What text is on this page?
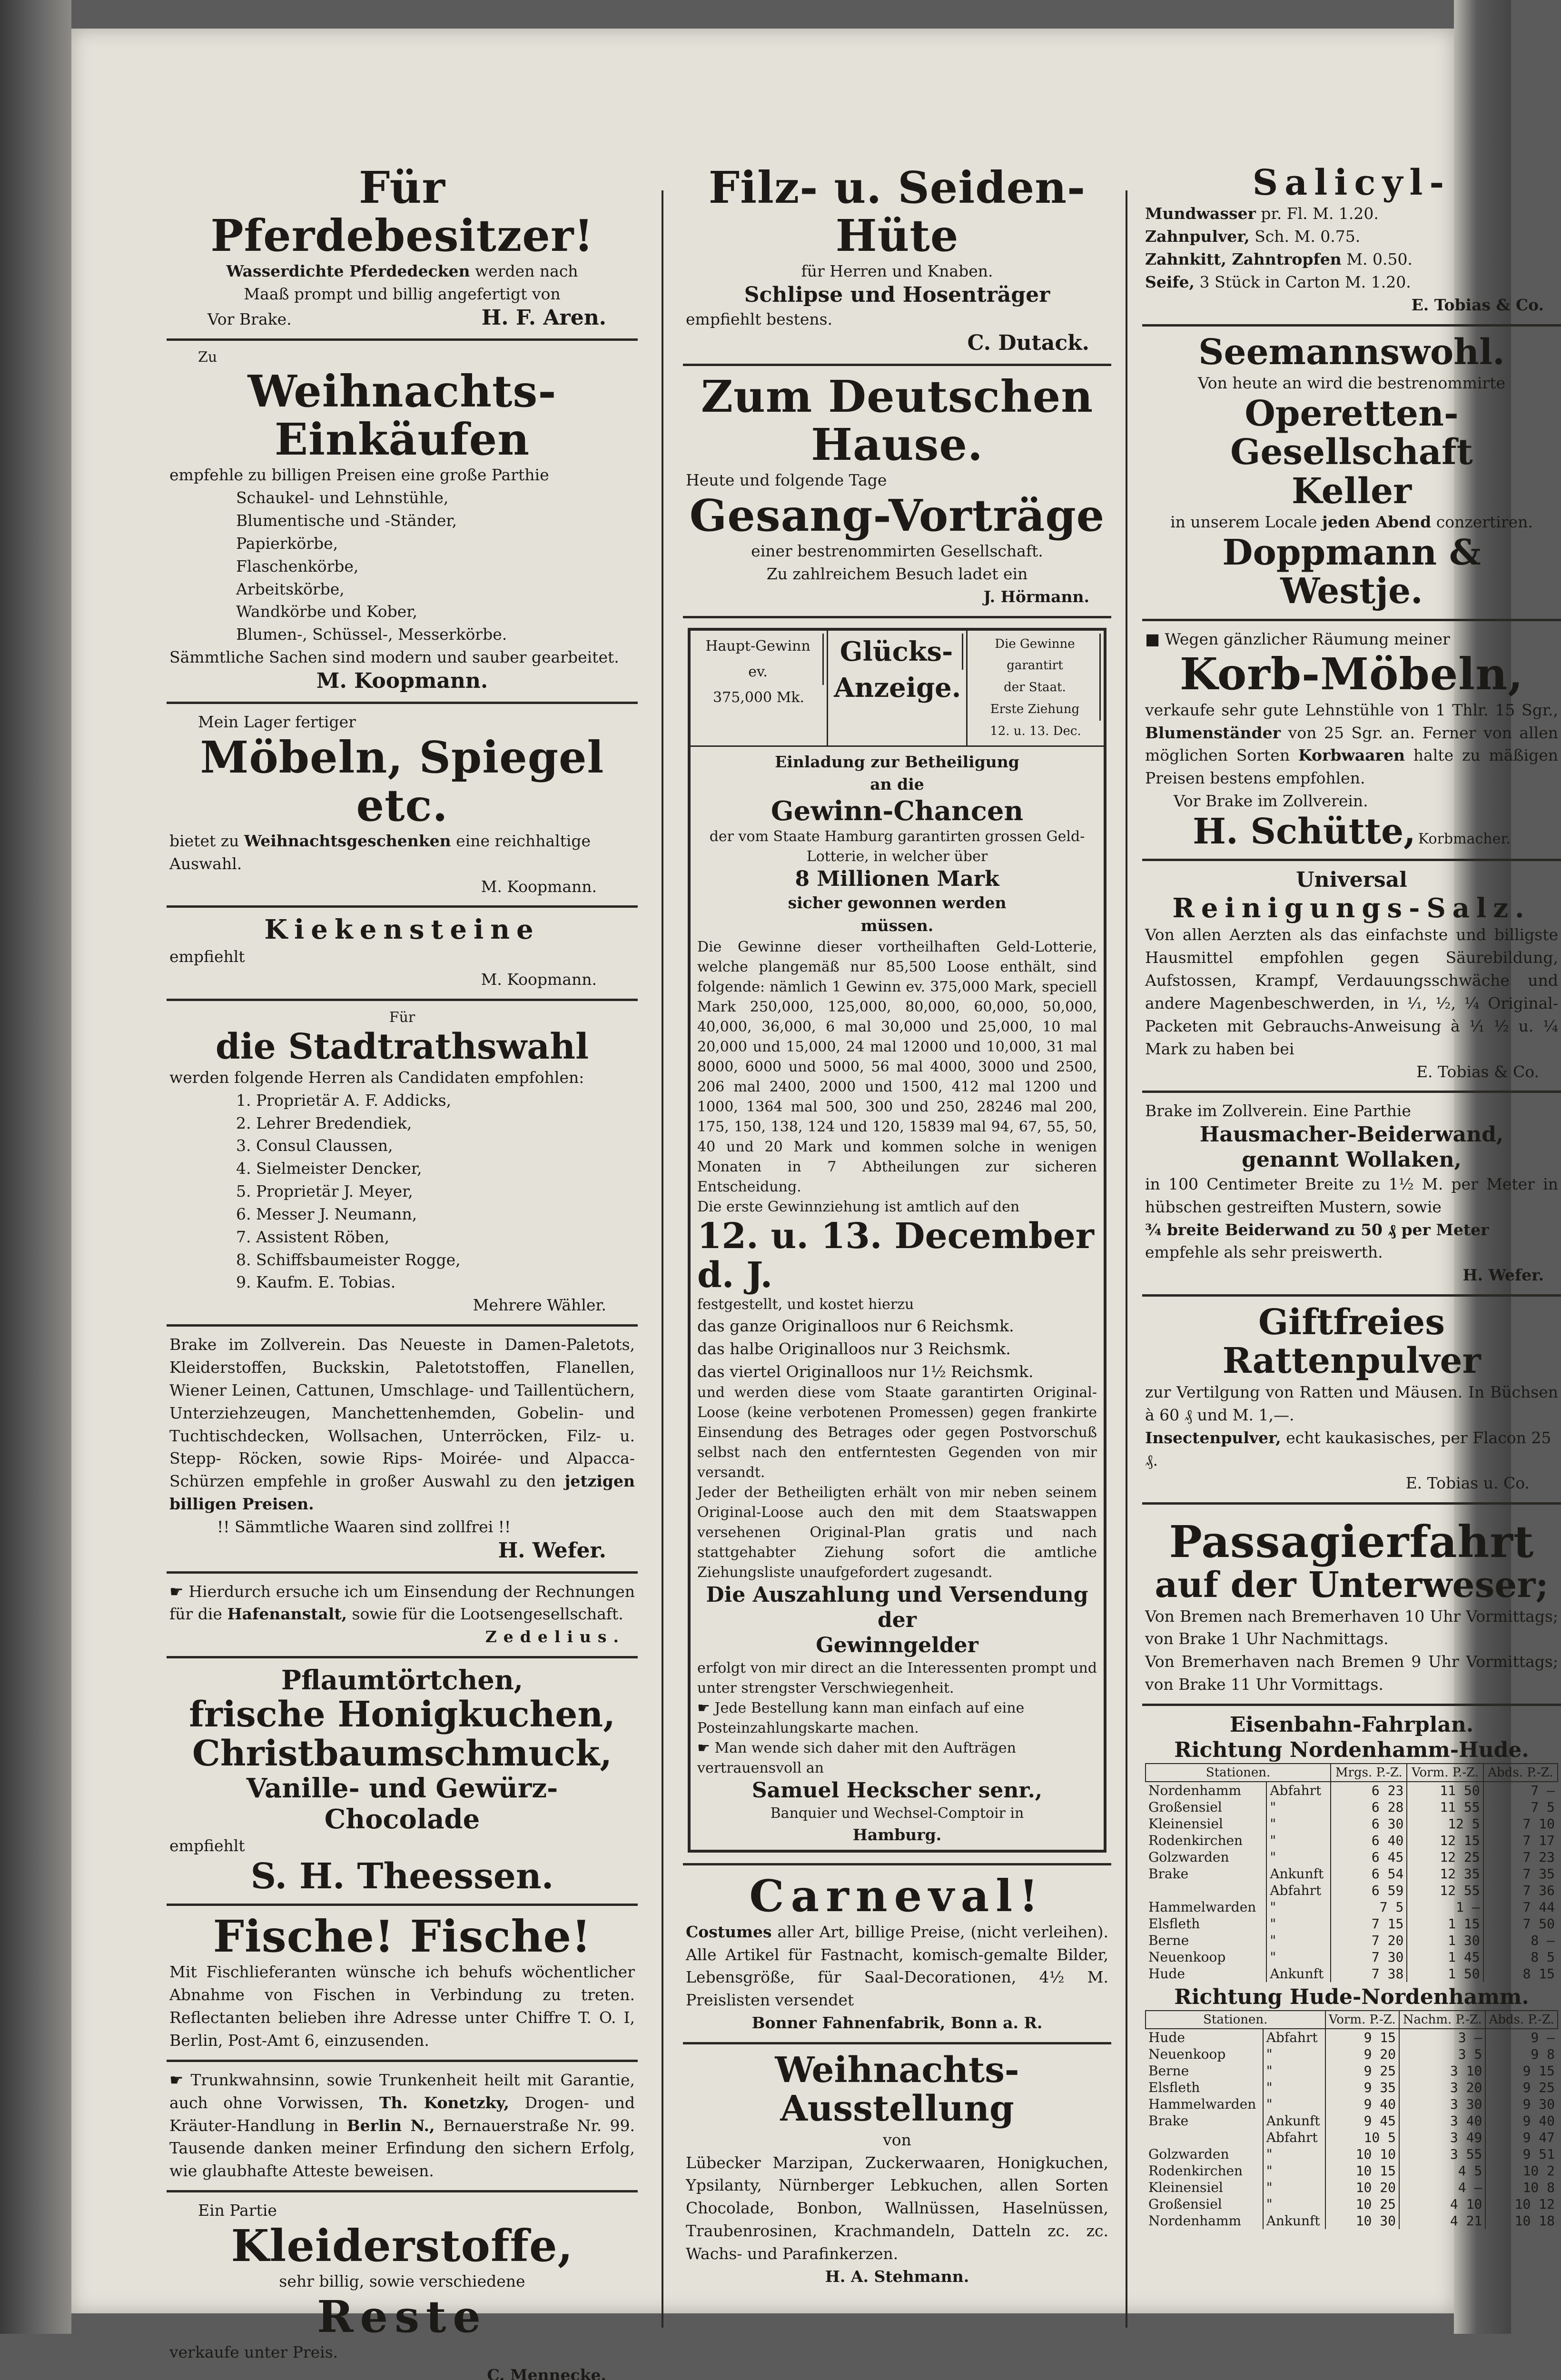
Für Pferdebesitzer!
Wasserdichte Pferdedecken werden nach
Maaß prompt und billig angefertigt von
Vor Brake.	H. F. Aren.
Zu
Weihnachts-Einkäufen
empfehle zu billigen Preisen eine große Parthie
Schaukel- und Lehnstühle,
Blumentische und -Ständer,
Papierkörbe,
Flaschenkörbe,
Arbeitskörbe,
Wandkörbe und Kober,
Blumen-, Schüssel-, Messerkörbe.
Sämmtliche Sachen sind modern und sauber gearbeitet.
M. Koopmann.
Mein Lager fertiger
Möbeln, Spiegel etc.
bietet zu Weihnachtsgeschenken eine reichhaltige Auswahl.
M. Koopmann.
Kiekensteine
empfiehlt
M. Koopmann.
Für
die Stadtrathswahl
werden folgende Herren als Candidaten empfohlen:
1. Proprietär A. F. Addicks,
2. Lehrer Bredendiek,
3. Consul Claussen,
4. Sielmeister Dencker,
5. Proprietär J. Meyer,
6. Messer J. Neumann,
7. Assistent Röben,
8. Schiffsbaumeister Rogge,
9. Kaufm. E. Tobias.
Mehrere Wähler.
Brake im Zollverein. Das Neueste in Damen-Paletots, Kleiderstoffen, Buckskin, Paletotstoffen, Flanellen, Wiener Leinen, Cattunen, Umschlage- und Taillentüchern, Unterziehzeugen, Manchettenhemden, Gobelin- und Tuchtischdecken, Wollsachen, Unterröcken, Filz- u. Stepp- Röcken, sowie Rips- Moirée- und Alpacca-Schürzen empfehle in großer Auswahl zu den jetzigen billigen Preisen.
!! Sämmtliche Waaren sind zollfrei !!
H. Wefer.
☛ Hierdurch ersuche ich um Einsendung der Rechnungen für die Hafenanstalt, sowie für die Lootsengesellschaft.
Zedelius.
Pflaumtörtchen,
frische Honigkuchen,
Christbaumschmuck,
Vanille- und Gewürz-Chocolade
empfiehlt
S. H. Theessen.
Fische! Fische!
Mit Fischlieferanten wünsche ich behufs wöchentlicher Abnahme von Fischen in Verbindung zu treten. Reflectanten belieben ihre Adresse unter Chiffre T. O. I, Berlin, Post-Amt 6, einzusenden.
☛ Trunkwahnsinn, sowie Trunkenheit heilt mit Garantie, auch ohne Vorwissen, Th. Konetzky, Drogen- und Kräuter-Handlung in Berlin N., Bernauerstraße Nr. 99. Tausende danken meiner Erfindung den sichern Erfolg, wie glaubhafte Atteste beweisen.
Ein Partie
Kleiderstoffe,
sehr billig, sowie verschiedene
Reste
verkaufe unter Preis.
C. Mennecke.
Filz- u. Seiden-Hüte
für Herren und Knaben.
Schlipse und Hosenträger
empfiehlt bestens.
C. Dutack.
Zum Deutschen Hause.
Heute und folgende Tage
Gesang-Vorträge
einer bestrenommirten Gesellschaft.
Zu zahlreichem Besuch ladet ein
J. Hörmann.
Haupt-Gewinn
ev.
375,000 Mk.
Glücks-
Anzeige.
Die Gewinne
garantirt
der Staat.
Erste Ziehung
12. u. 13. Dec.
Einladung zur Betheiligung
an die
Gewinn-Chancen
der vom Staate Hamburg garantirten grossen Geld-Lotterie, in welcher über
8 Millionen Mark
sicher gewonnen werden
müssen.
Die Gewinne dieser vortheilhaften Geld-Lotterie, welche plangemäß nur 85,500 Loose enthält, sind folgende: nämlich 1 Gewinn ev. 375,000 Mark, speciell Mark 250,000, 125,000, 80,000, 60,000, 50,000, 40,000, 36,000, 6 mal 30,000 und 25,000, 10 mal 20,000 und 15,000, 24 mal 12000 und 10,000, 31 mal 8000, 6000 und 5000, 56 mal 4000, 3000 und 2500, 206 mal 2400, 2000 und 1500, 412 mal 1200 und 1000, 1364 mal 500, 300 und 250, 28246 mal 200, 175, 150, 138, 124 und 120, 15839 mal 94, 67, 55, 50, 40 und 20 Mark und kommen solche in wenigen Monaten in 7 Abtheilungen zur sicheren Entscheidung.
Die erste Gewinnziehung ist amtlich auf den
12. u. 13. December d. J.
festgestellt, und kostet hierzu
das ganze Originalloos nur 6 Reichsmk.
das halbe Originalloos nur 3 Reichsmk.
das viertel Originalloos nur 1½ Reichsmk.
und werden diese vom Staate garantirten Original-Loose (keine verbotenen Promessen) gegen frankirte Einsendung des Betrages oder gegen Postvorschuß selbst nach den entferntesten Gegenden von mir versandt.
Jeder der Betheiligten erhält von mir neben seinem Original-Loose auch den mit dem Staatswappen versehenen Original-Plan gratis und nach stattgehabter Ziehung sofort die amtliche Ziehungsliste unaufgefordert zugesandt.
Die Auszahlung und Versendung der
Gewinngelder
erfolgt von mir direct an die Interessenten prompt und unter strengster Verschwiegenheit.
☛ Jede Bestellung kann man einfach auf eine Posteinzahlungskarte machen.
☛ Man wende sich daher mit den Aufträgen vertrauensvoll an
Samuel Heckscher senr.,
Banquier und Wechsel-Comptoir in
Hamburg.
Carneval!
Costumes aller Art, billige Preise, (nicht verleihen). Alle Artikel für Fastnacht, komisch-gemalte Bilder, Lebensgröße, für Saal-Decorationen, 4½ M. Preislisten versendet
Bonner Fahnenfabrik, Bonn a. R.
Weihnachts-Ausstellung
von
Lübecker Marzipan, Zuckerwaaren, Honigkuchen, Ypsilanty, Nürnberger Lebkuchen, allen Sorten Chocolade, Bonbon, Wallnüssen, Haselnüssen, Traubenrosinen, Krachmandeln, Datteln zc. zc. Wachs- und Parafinkerzen.
H. A. Stehmann.
Salicyl-
Mundwasser pr. Fl. M. 1.20.
Zahnpulver, Sch. M. 0.75.
Zahnkitt, Zahntropfen M. 0.50.
Seife, 3 Stück in Carton M. 1.20.
E. Tobias & Co.
Seemannswohl.
Von heute an wird die bestrenommirte
Operetten-Gesellschaft
Keller
in unserem Locale jeden Abend conzertiren.
Doppmann & Westje.
■ Wegen gänzlicher Räumung meiner
Korb-Möbeln,
verkaufe sehr gute Lehnstühle von 1 Thlr. 15 Sgr., Blumenständer von 25 Sgr. an. Ferner von allen möglichen Sorten Korbwaaren halte zu mäßigen Preisen bestens empfohlen.
Vor Brake im Zollverein.
H. Schütte, Korbmacher.
Universal
Reinigungs-Salz.
Von allen Aerzten als das einfachste und billigste Hausmittel empfohlen gegen Säurebildung, Aufstossen, Krampf, Verdauungsschwäche und andere Magenbeschwerden, in ¹⁄₁, ¹⁄₂, ¹⁄₄ Original-Packeten mit Gebrauchs-Anweisung à ¹⁄₁ ¹⁄₂ u. ¹⁄₄ Mark zu haben bei
E. Tobias & Co.
Brake im Zollverein. Eine Parthie
Hausmacher-Beiderwand,
genannt Wollaken,
in 100 Centimeter Breite zu 1½ M. per Meter in hübschen gestreiften Mustern, sowie
¾ breite Beiderwand zu 50 ₰ per Meter
empfehle als sehr preiswerth.
H. Wefer.
Giftfreies Rattenpulver
zur Vertilgung von Ratten und Mäusen. In Büchsen à 60 ₰ und M. 1,—.
Insectenpulver, echt kaukasisches, per Flacon 25 ₰.
E. Tobias u. Co.
Passagierfahrt
auf der Unterweser;
Von Bremen nach Bremerhaven 10 Uhr Vormittags; von Brake 1 Uhr Nachmittags.
Von Bremerhaven nach Bremen 9 Uhr Vormittags; von Brake 11 Uhr Vormittags.
Eisenbahn-Fahrplan.
Richtung Nordenhamm-Hude.
Stationen.		Mrgs. P.-Z.	Vorm. P.-Z.	Abds. P.-Z.
Nordenhamm	Abfahrt	6 23	11 50	7 —
Großensiel	"	6 28	11 55	7 5
Kleinensiel	"	6 30	12 5	7 10
Rodenkirchen	"	6 40	12 15	7 17
Golzwarden	"	6 45	12 25	7 23
Brake	Ankunft	6 54	12 35	7 35
	Abfahrt	6 59	12 55	7 36
Hammelwarden	"	7 5	1 —	7 44
Elsfleth	"	7 15	1 15	7 50
Berne	"	7 20	1 30	8 —
Neuenkoop	"	7 30	1 45	8 5
Hude	Ankunft	7 38	1 50	8 15
Richtung Hude-Nordenhamm.
Stationen.		Vorm. P.-Z.	Nachm. P.-Z.	Abds. P.-Z.
Hude	Abfahrt	9 15	3 —	9 —
Neuenkoop	"	9 20	3 5	9 8
Berne	"	9 25	3 10	9 15
Elsfleth	"	9 35	3 20	9 25
Hammelwarden	"	9 40	3 30	9 30
Brake	Ankunft	9 45	3 40	9 40
	Abfahrt	10 5	3 49	9 47
Golzwarden	"	10 10	3 55	9 51
Rodenkirchen	"	10 15	4 5	10 2
Kleinensiel	"	10 20	4 —	10 8
Großensiel	"	10 25	4 10	10 12
Nordenhamm	Ankunft	10 30	4 21	10 18
